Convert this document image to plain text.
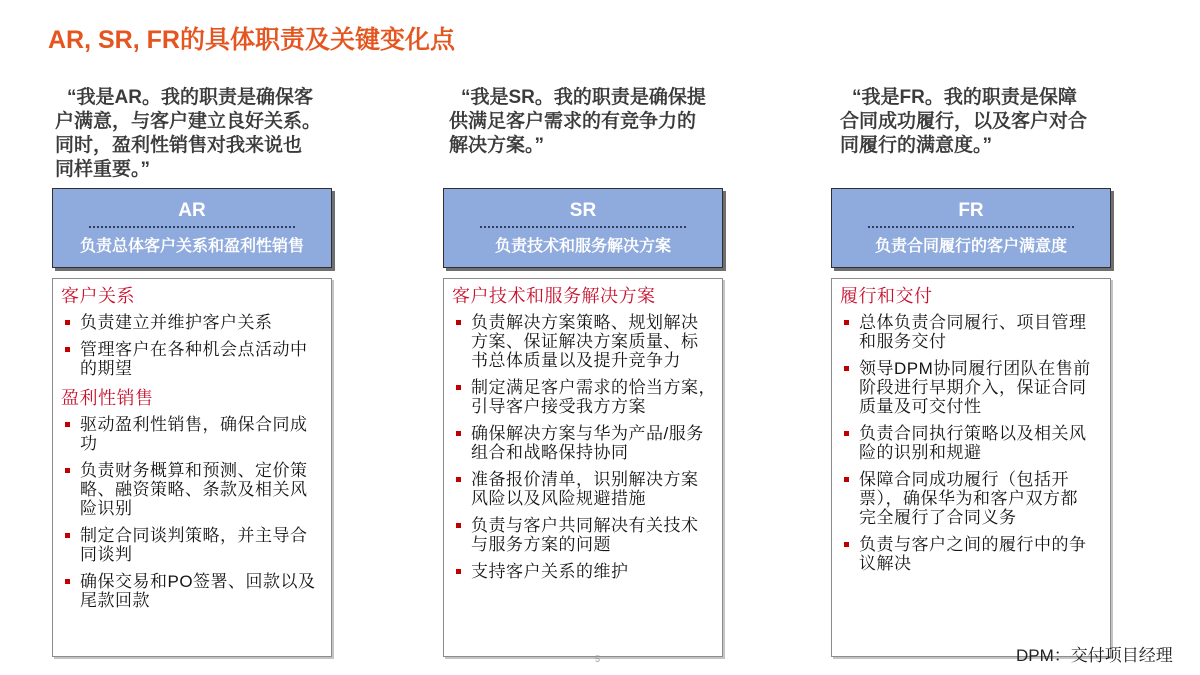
AR, SR, FR的具体职责及关键变化点
“我是AR。我的职责是确保客
户满意，与客户建立良好关系。
同时，盈利性销售对我来说也
同样重要。”
AR
负责总体客户关系和盈利性销售
客户关系
负责建立并维护客户关系
管理客户在各种机会点活动中
的期望
盈利性销售
驱动盈利性销售，确保合同成
功
负责财务概算和预测、定价策
略、融资策略、条款及相关风
险识别
制定合同谈判策略，并主导合
同谈判
确保交易和PO签署、回款以及
尾款回款
“我是SR。我的职责是确保提
供满足客户需求的有竞争力的
解决方案。”
SR
负责技术和服务解决方案
客户技术和服务解决方案
负责解决方案策略、规划解决
方案、保证解决方案质量、标
书总体质量以及提升竞争力
制定满足客户需求的恰当方案，
引导客户接受我方方案
确保解决方案与华为产品/服务
组合和战略保持协同
准备报价清单，识别解决方案
风险以及风险规避措施
负责与客户共同解决有关技术
与服务方案的问题
支持客户关系的维护
“我是FR。我的职责是保障
合同成功履行，以及客户对合
同履行的满意度。”
FR
负责合同履行的客户满意度
履行和交付
总体负责合同履行、项目管理
和服务交付
领导DPM协同履行团队在售前
阶段进行早期介入，保证合同
质量及可交付性
负责合同执行策略以及相关风
险的识别和规避
保障合同成功履行（包括开
票），确保华为和客户双方都
完全履行了合同义务
负责与客户之间的履行中的争
议解决
5	DPM：交付项目经理
